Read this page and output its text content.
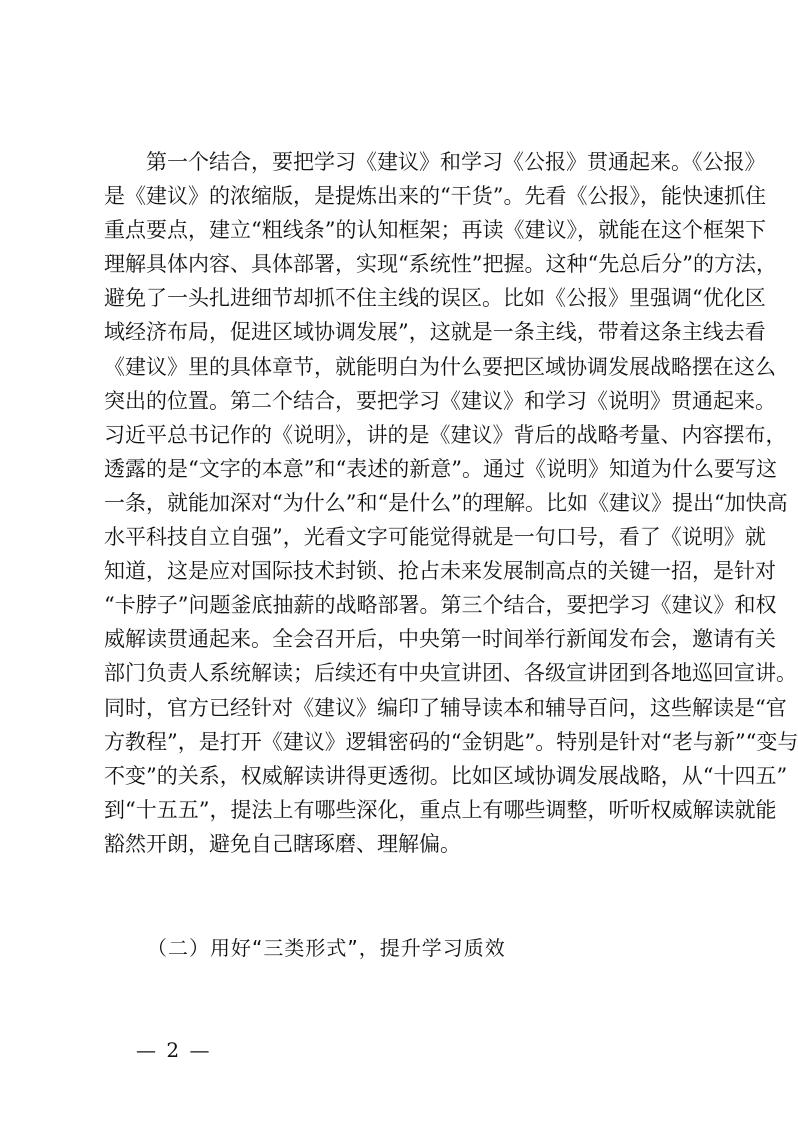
第一个结合，要把学习《建议》和学习《公报》贯通起来。《公报》
是《建议》的浓缩版，是提炼出来的“干货”。先看《公报》，能快速抓住
重点要点，建立“粗线条”的认知框架；再读《建议》，就能在这个框架下
理解具体内容、具体部署，实现“系统性”把握。这种“先总后分”的方法，
避免了一头扎进细节却抓不住主线的误区。比如《公报》里强调“优化区
域经济布局，促进区域协调发展”，这就是一条主线，带着这条主线去看
《建议》里的具体章节，就能明白为什么要把区域协调发展战略摆在这么
突出的位置。第二个结合，要把学习《建议》和学习《说明》贯通起来。
习近平总书记作的《说明》，讲的是《建议》背后的战略考量、内容摆布，
透露的是“文字的本意”和“表述的新意”。通过《说明》知道为什么要写这
一条，就能加深对“为什么”和“是什么”的理解。比如《建议》提出“加快高
水平科技自立自强”，光看文字可能觉得就是一句口号，看了《说明》就
知道，这是应对国际技术封锁、抢占未来发展制高点的关键一招，是针对
“卡脖子”问题釜底抽薪的战略部署。第三个结合，要把学习《建议》和权
威解读贯通起来。全会召开后，中央第一时间举行新闻发布会，邀请有关
部门负责人系统解读；后续还有中央宣讲团、各级宣讲团到各地巡回宣讲。
同时，官方已经针对《建议》编印了辅导读本和辅导百问，这些解读是“官
方教程”，是打开《建议》逻辑密码的“金钥匙”。特别是针对“老与新”“变与
不变”的关系，权威解读讲得更透彻。比如区域协调发展战略，从“十四五”
到“十五五”，提法上有哪些深化，重点上有哪些调整，听听权威解读就能
豁然开朗，避免自己瞎琢磨、理解偏。
（二）用好“三类形式”，提升学习质效
— 2 —
